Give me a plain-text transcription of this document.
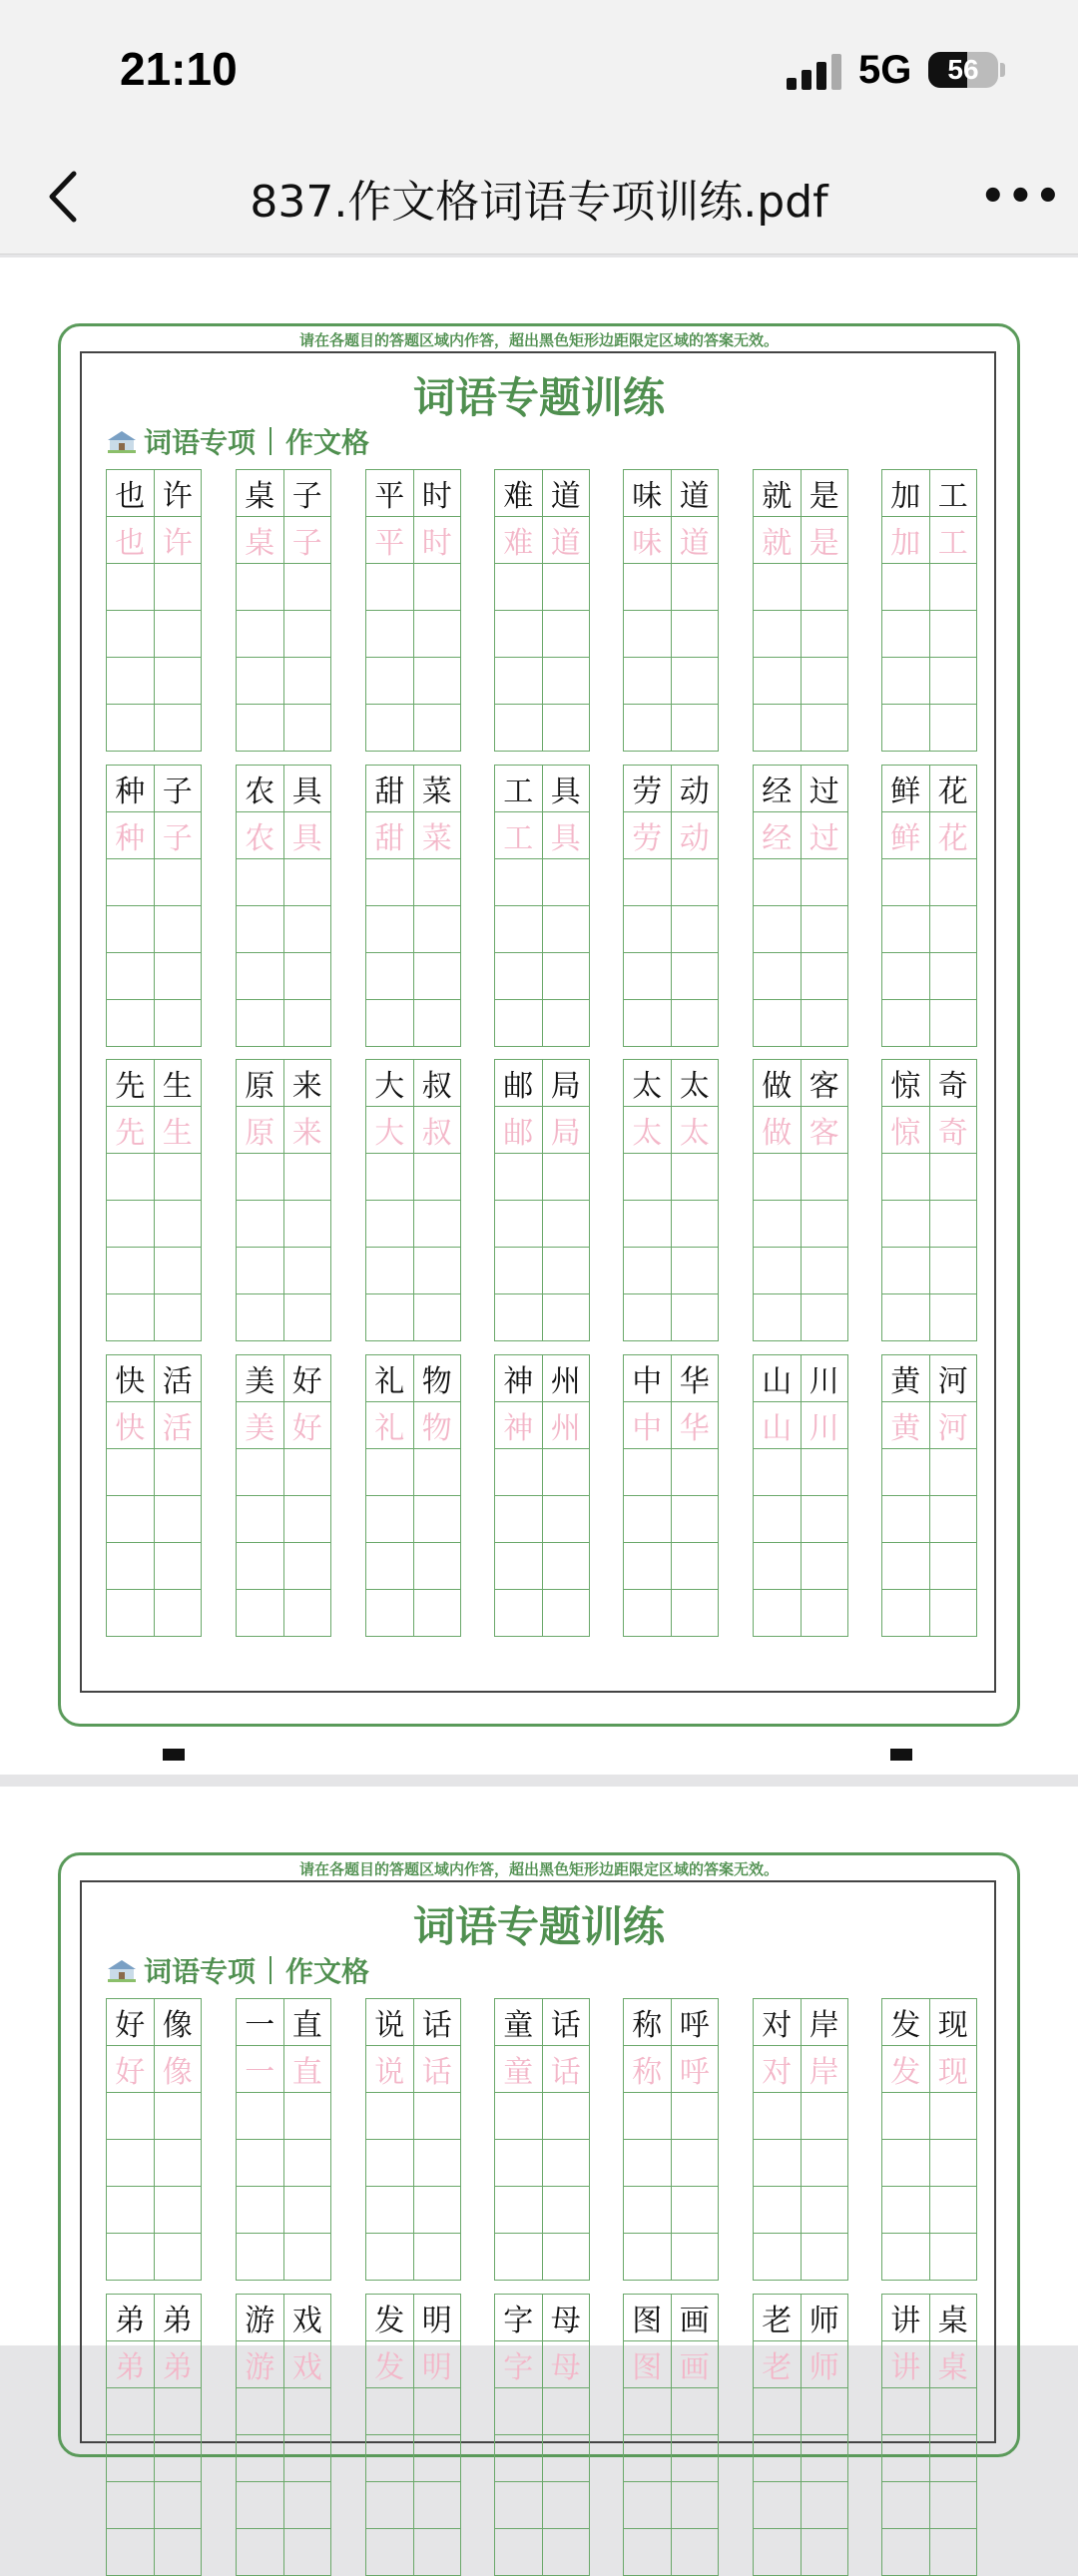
21:10	5G	56
837.作文格词语专项训练.pdf	•••
请在各题目的答题区域内作答，超出黑色矩形边距限定区域的答案无效。
词语专题训练
词语专项 作文格
也 许
也 许
桌 子
桌 子
平 时
平 时
难 道
难 道
味 道
味 道
就 是
就 是
加 工
加 工
种 子
种 子
农 具
农 具
甜 菜
甜 菜
工 具
工 具
劳 动
劳 动
经 过
经 过
鲜 花
鲜 花
先 生
先 生
原 来
原 来
大 叔
大 叔
邮 局
邮 局
太 太
太 太
做 客
做 客
惊 奇
惊 奇
快 活
快 活
美 好
美 好
礼 物
礼 物
神 州
神 州
中 华
中 华
山 川
山 川
黄 河
黄 河
请在各题目的答题区域内作答，超出黑色矩形边距限定区域的答案无效。
词语专题训练
词语专项 作文格
好 像
好 像
一 直
一 直
说 话
说 话
童 话
童 话
称 呼
称 呼
对 岸
对 岸
发 现
发 现
弟 弟
弟 弟
游 戏
游 戏
发 明
发 明
字 母
字 母
图 画
图 画
老 师
老 师
讲 桌
讲 桌
